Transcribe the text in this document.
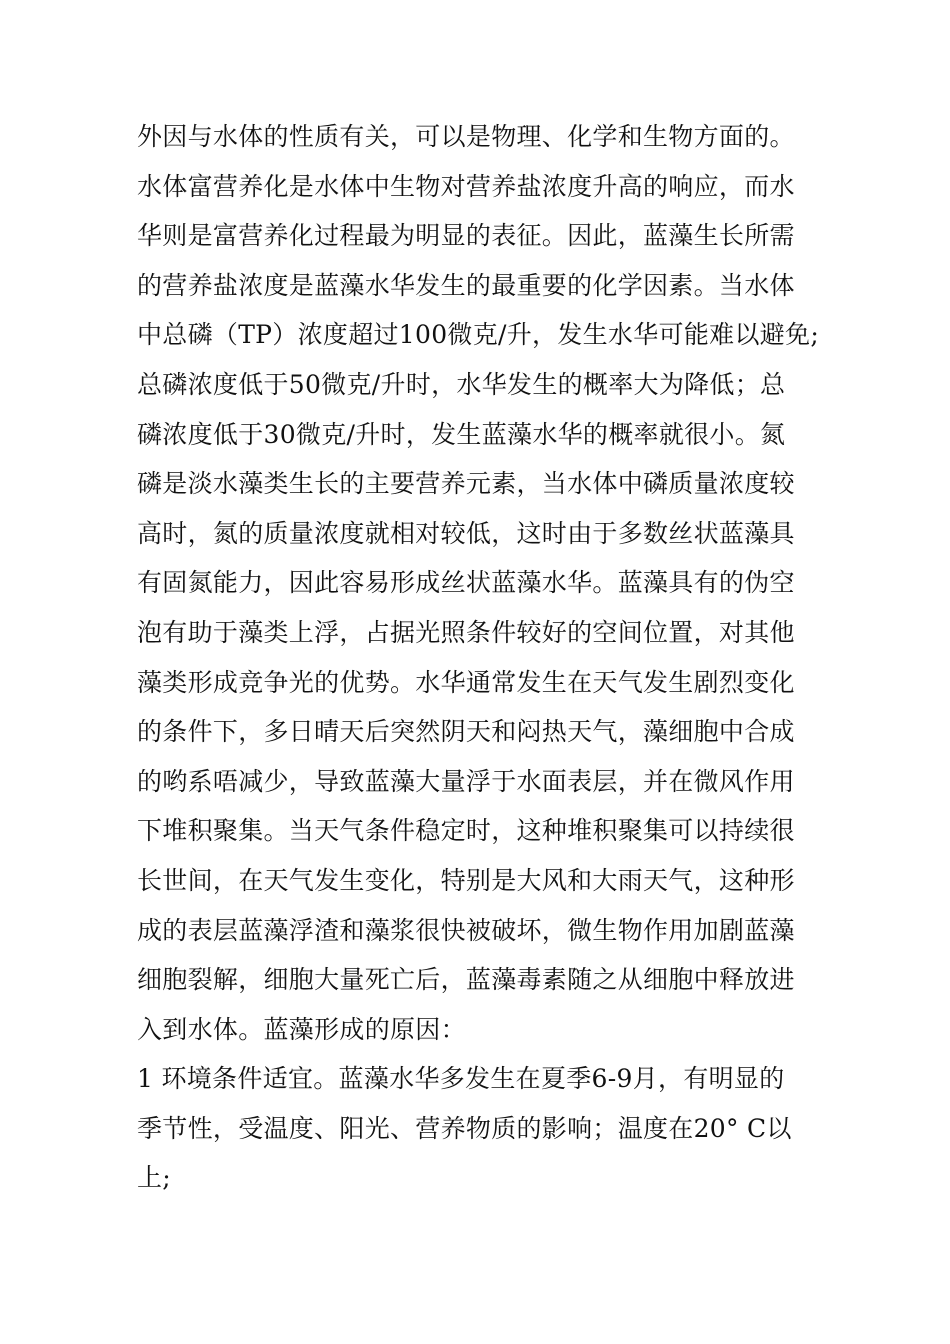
外因与水体的性质有关，可以是物理、化学和生物方面的。
水体富营养化是水体中生物对营养盐浓度升高的响应，而水
华则是富营养化过程最为明显的表征。因此，蓝藻生长所需
的营养盐浓度是蓝藻水华发生的最重要的化学因素。当水体
中总磷（TP）浓度超过100微克/升，发生水华可能难以避免;
总磷浓度低于50微克/升时，水华发生的概率大为降低；总
磷浓度低于30微克/升时，发生蓝藻水华的概率就很小。氮
磷是淡水藻类生长的主要营养元素，当水体中磷质量浓度较
高时，氮的质量浓度就相对较低，这时由于多数丝状蓝藻具
有固氮能力，因此容易形成丝状蓝藻水华。蓝藻具有的伪空
泡有助于藻类上浮，占据光照条件较好的空间位置，对其他
藻类形成竞争光的优势。水华通常发生在天气发生剧烈变化
的条件下，多日晴天后突然阴天和闷热天气，藻细胞中合成
的哟系唔减少，导致蓝藻大量浮于水面表层，并在微风作用
下堆积聚集。当天气条件稳定时，这种堆积聚集可以持续很
长世间，在天气发生变化，特别是大风和大雨天气，这种形
成的表层蓝藻浮渣和藻浆很快被破坏，微生物作用加剧蓝藻
细胞裂解，细胞大量死亡后，蓝藻毒素随之从细胞中释放进
入到水体。蓝藻形成的原因：
1 环境条件适宜。蓝藻水华多发生在夏季6-9月，有明显的
季节性，受温度、阳光、营养物质的影响；温度在20° C以
上;
